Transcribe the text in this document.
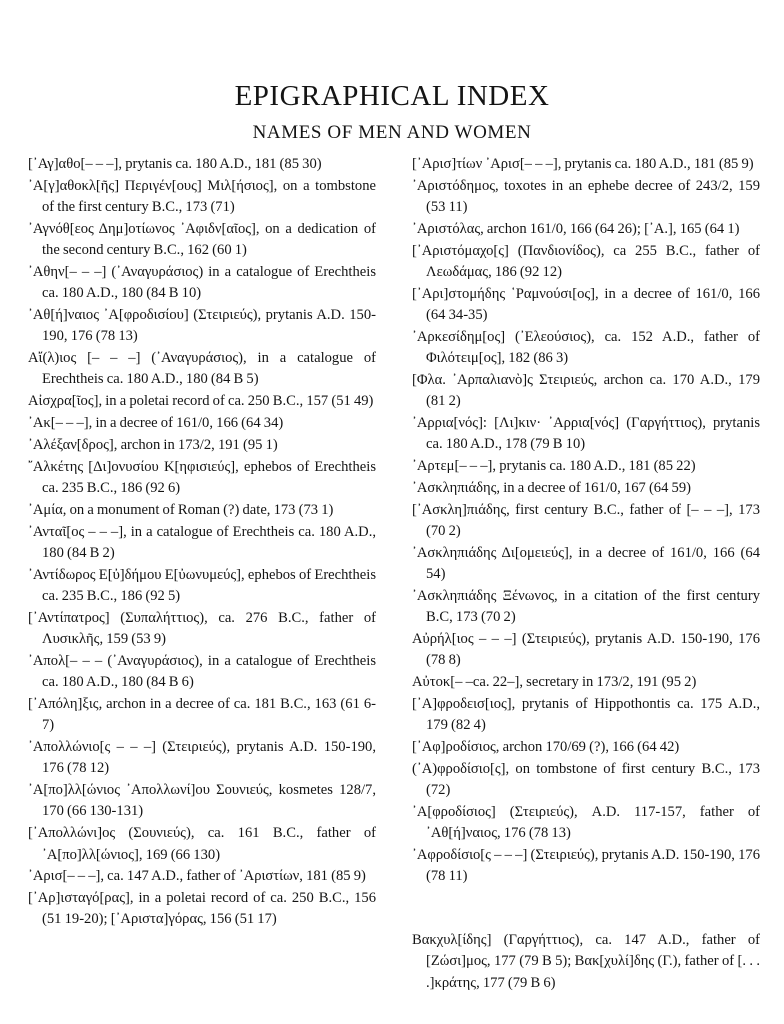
EPIGRAPHICAL INDEX
NAMES OF MEN AND WOMEN

[᾿Αγ]αθο[– – –], prytanis ca. 180 A.D., 181 (85 30)

᾿Α[γ]αθοκλ[ῆς] Περιγέν[ους] Μιλ[ήσιος], on a tombstone of the first century B.C., 173 (71)

᾿Αγνόθ[εος Δημ]οτίωνος ᾿Αφιδν[αῖος], on a dedication of the second century B.C., 162 (60 1)

᾿Αθην[– – –] (᾿Αναγυράσιος) in a catalogue of Erechtheis ca. 180 A.D., 180 (84 B 10)

᾿Αθ[ή]ναιος ᾿Α[φροδισίου] (Στειριεύς), prytanis A.D. 150-190, 176 (78 13)

Αἴ(λ)ιος [– – –] (᾿Αναγυράσιος), in a catalogue of Erechtheis ca. 180 A.D., 180 (84 B 5)

Αἰσχρα[ῖος], in a poletai record of ca. 250 B.C., 157 (51 49)

᾿Ακ[– – –], in a decree of 161/0, 166 (64 34)

᾿Αλέξαν[δρος], archon in 173/2, 191 (95 1)

῎Αλκέτης [Δι]ονυσίου Κ[ηφισιεύς], ephebos of Erechtheis ca. 235 B.C., 186 (92 6)

᾿Αμία, on a monument of Roman (?) date, 173 (73 1)

᾿Ανταῖ[ος – – –], in a catalogue of Erechtheis ca. 180 A.D., 180 (84 B 2)

᾿Αντίδωρος Ε[ὐ]δήμου Ε[ὐωνυμεύς], ephebos of Erechtheis ca. 235 B.C., 186 (92 5)

[᾿Αντίπατρος] (Συπαλήττιος), ca. 276 B.C., father of Λυσικλῆς, 159 (53 9)

᾿Απολ[– – – (᾿Αναγυράσιος), in a catalogue of Erechtheis ca. 180 A.D., 180 (84 B 6)

[᾿Απόλη]ξις, archon in a decree of ca. 181 B.C., 163 (61 6-7)

᾿Απολλώνιο[ς – – –] (Στειριεύς), prytanis A.D. 150-190, 176 (78 12)

᾿Α[πο]λλ[ώνιος ᾿Απολλωνί]ου Σουνιεύς, kosmetes 128/7, 170 (66 130-131)

[᾿Απολλώνι]ος (Σουνιεύς), ca. 161 B.C., father of ᾿Α[πο]λλ[ώνιος], 169 (66 130)

᾿Αρισ[– – –], ca. 147 A.D., father of ᾿Αριστίων, 181 (85 9)

[᾿Αρ]ισταγό[ρας], in a poletai record of ca. 250 B.C., 156 (51 19-20); [᾿Αριστα]γόρας, 156 (51 17)

[᾿Αρισ]τίων ᾿Αρισ[– – –], prytanis ca. 180 A.D., 181 (85 9)

᾿Αριστόδημος, toxotes in an ephebe decree of 243/2, 159 (53 11)

᾿Αριστόλας, archon 161/0, 166 (64 26); [᾿Α.], 165 (64 1)

[᾿Αριστόμαχο[ς] (Πανδιονίδος), ca 255 B.C., father of Λεωδάμας, 186 (92 12)

[᾿Αρι]στομήδης ῾Ραμνούσι[ος], in a decree of 161/0, 166 (64 34-35)

᾿Αρκεσίδημ[ος] (᾿Ελεούσιος), ca. 152 A.D., father of Φιλότειμ[ος], 182 (86 3)

[Φλα. ᾿Αρπαλιανὸ]ς Στειριεύς, archon ca. 170 A.D., 179 (81 2)

᾿Αρρια[νός]: [Λι]κιν· ᾿Αρρια[νός] (Γαργήττιος), prytanis ca. 180 A.D., 178 (79 B 10)

᾿Αρτεμ[– – –], prytanis ca. 180 A.D., 181 (85 22)

᾿Ασκληπιάδης, in a decree of 161/0, 167 (64 59)

[᾿Ασκλη]πιάδης, first century B.C., father of [– – –], 173 (70 2)

᾿Ασκληπιάδης Δι[ομειεύς], in a decree of 161/0, 166 (64 54)

᾿Ασκληπιάδης Ξένωνος, in a citation of the first century B.C, 173 (70 2)

Αὐρήλ[ιος – – –] (Στειριεύς), prytanis A.D. 150-190, 176 (78 8)

Αὐτοκ[– –ca. 22–], secretary in 173/2, 191 (95 2)

[᾿Α]φροδεισ[ιος], prytanis of Hippothontis ca. 175 A.D., 179 (82 4)

[᾿Αφ]ροδίσιος, archon 170/69 (?), 166 (64 42)

(᾿Α)φροδίσιο[ς], on tombstone of first century B.C., 173 (72)

᾿Α[φροδίσιος] (Στειριεύς), A.D. 117-157, father of ᾿Αθ[ή]ναιος, 176 (78 13)

᾿Αφροδίσιο[ς – – –] (Στειριεύς), prytanis A.D. 150-190, 176 (78 11)

Βακχυλ[ίδης] (Γαργήττιος), ca. 147 A.D., father of [Ζώσι]μος, 177 (79 B 5); Βακ[χυλί]δης (Γ.), father of [. . . .]κράτης, 177 (79 B 6)
